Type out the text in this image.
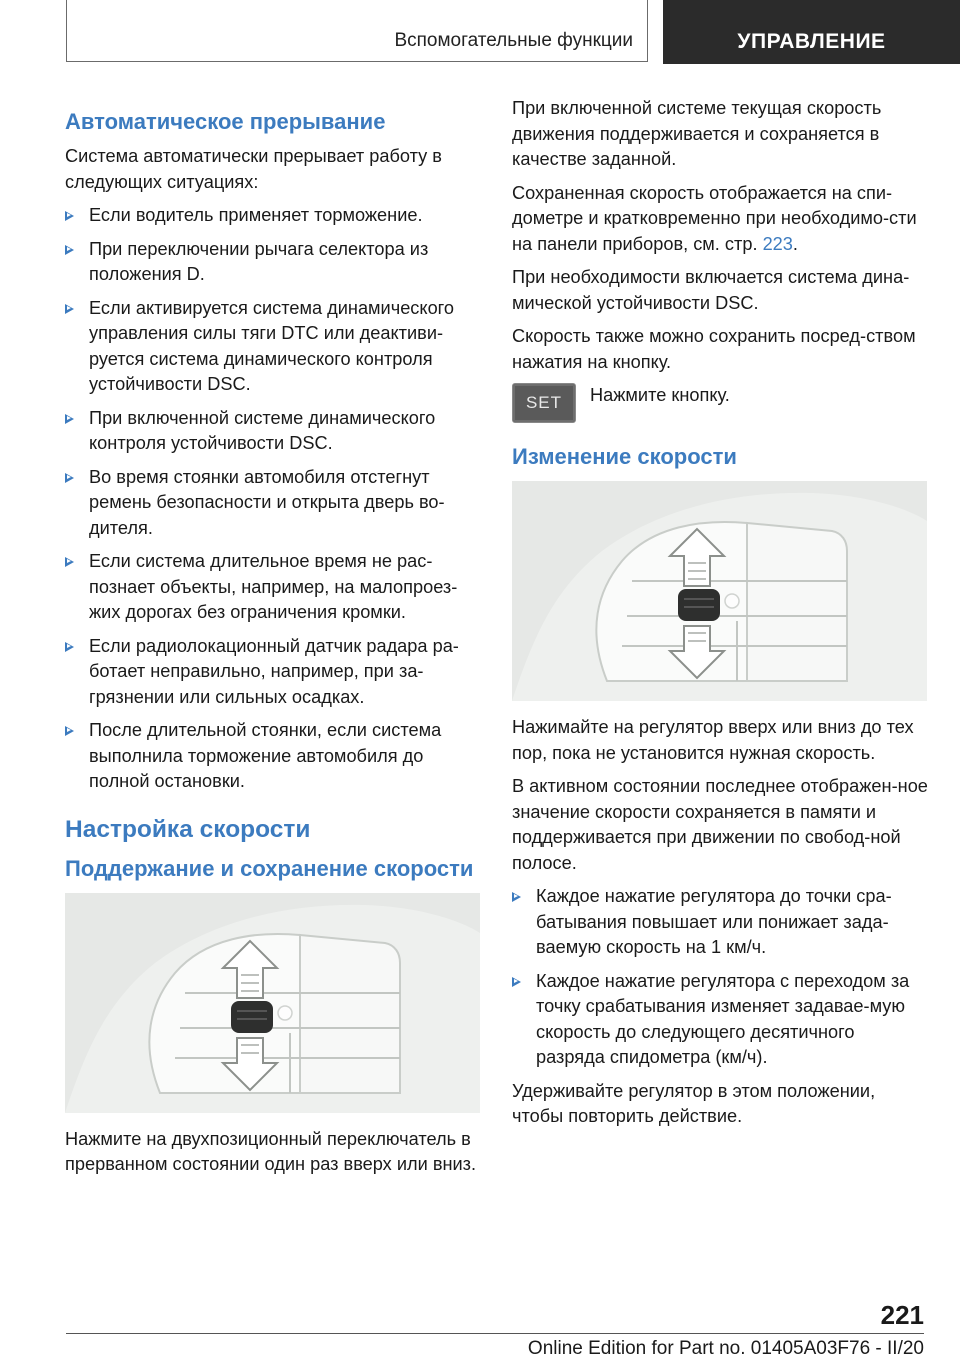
Вспомогательные функции	УПРАВЛЕНИЕ
Автоматическое прерывание

Система автоматически прерывает работу в следующих ситуациях:

Если водитель применяет торможение.
При переключении рычага селектора из положения D.
Если активируется система динамического управления силы тяги DTC или деактиви-руется система динамического контроля устойчивости DSC.
При включенной системе динамического контроля устойчивости DSC.
Во время стоянки автомобиля отстегнут ремень безопасности и открыта дверь во-дителя.
Если система длительное время не рас-познает объекты, например, на малопроез-жих дорогах без ограничения кромки.
Если радиолокационный датчик радара ра-ботает неправильно, например, при за-грязнении или сильных осадках.
После длительной стоянки, если система выполнила торможение автомобиля до полной остановки.
Настройка скорости
Поддержание и сохранение скорости

Нажмите на двухпозиционный переключатель в прерванном состоянии один раз вверх или вниз.

При включенной системе текущая скорость движения поддерживается и сохраняется в качестве заданной.

Сохраненная скорость отображается на спи-дометре и кратковременно при необходимо-сти на панели приборов, см. стр. 223.

При необходимости включается система дина-мической устойчивости DSC.

Скорость также можно сохранить посред-ством нажатия на кнопку.

SET	Нажмите кнопку.

Изменение скорости

Нажимайте на регулятор вверх или вниз до тех пор, пока не установится нужная скорость.

В активном состоянии последнее отображен-ное значение скорости сохраняется в памяти и поддерживается при движении по свобод-ной полосе.

Каждое нажатие регулятора до точки сра-батывания повышает или понижает зада-ваемую скорость на 1 км/ч.
Каждое нажатие регулятора с переходом за точку срабатывания изменяет задавае-мую скорость до следующего десятичного разряда спидометра (км/ч).

Удерживайте регулятор в этом положении, чтобы повторить действие.

221
Online Edition for Part no. 01405A03F76 - II/20
